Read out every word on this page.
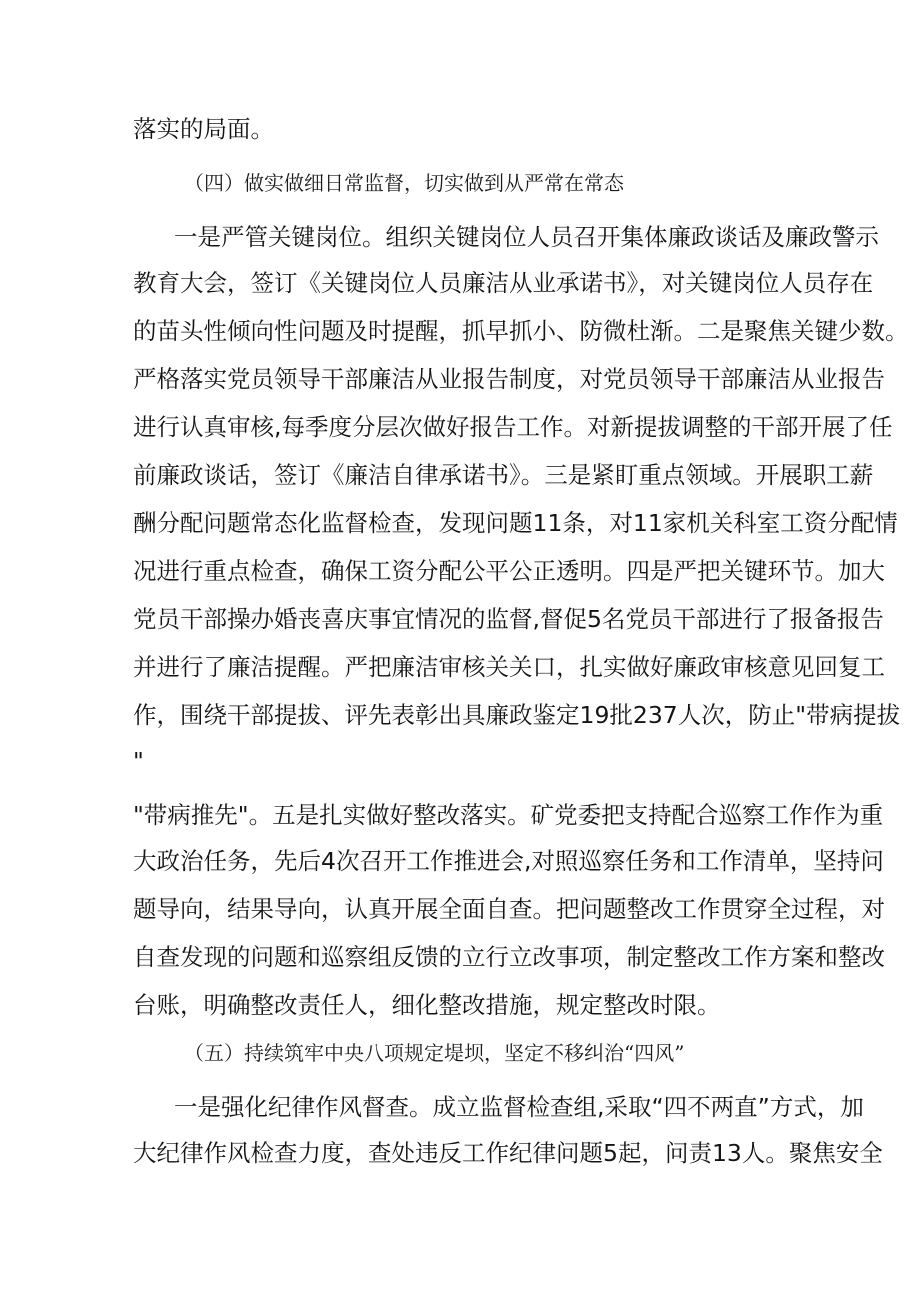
落实的局面。
（四）做实做细日常监督，切实做到从严常在常态
一是严管关键岗位。组织关键岗位人员召开集体廉政谈话及廉政警示
教育大会，签订《关键岗位人员廉洁从业承诺书》，对关键岗位人员存在
的苗头性倾向性问题及时提醒，抓早抓小、防微杜渐。二是聚焦关键少数。
严格落实党员领导干部廉洁从业报告制度，对党员领导干部廉洁从业报告
进行认真审核,每季度分层次做好报告工作。对新提拔调整的干部开展了任
前廉政谈话，签订《廉洁自律承诺书》。三是紧盯重点领域。开展职工薪
酬分配问题常态化监督检查，发现问题11条，对11家机关科室工资分配情
况进行重点检查，确保工资分配公平公正透明。四是严把关键环节。加大
党员干部操办婚丧喜庆事宜情况的监督,督促5名党员干部进行了报备报告
并进行了廉洁提醒。严把廉洁审核关关口，扎实做好廉政审核意见回复工
作，围绕干部提拔、评先表彰出具廉政鉴定19批237人次，防止"带病提拔
"
"带病推先"。五是扎实做好整改落实。矿党委把支持配合巡察工作作为重
大政治任务，先后4次召开工作推进会,对照巡察任务和工作清单，坚持问
题导向，结果导向，认真开展全面自查。把问题整改工作贯穿全过程，对
自查发现的问题和巡察组反馈的立行立改事项，制定整改工作方案和整改
台账，明确整改责任人，细化整改措施，规定整改时限。
（五）持续筑牢中央八项规定堤坝，坚定不移纠治“四风”
一是强化纪律作风督查。成立监督检查组,采取“四不两直”方式，加
大纪律作风检查力度，查处违反工作纪律问题5起，问责13人。聚焦安全
